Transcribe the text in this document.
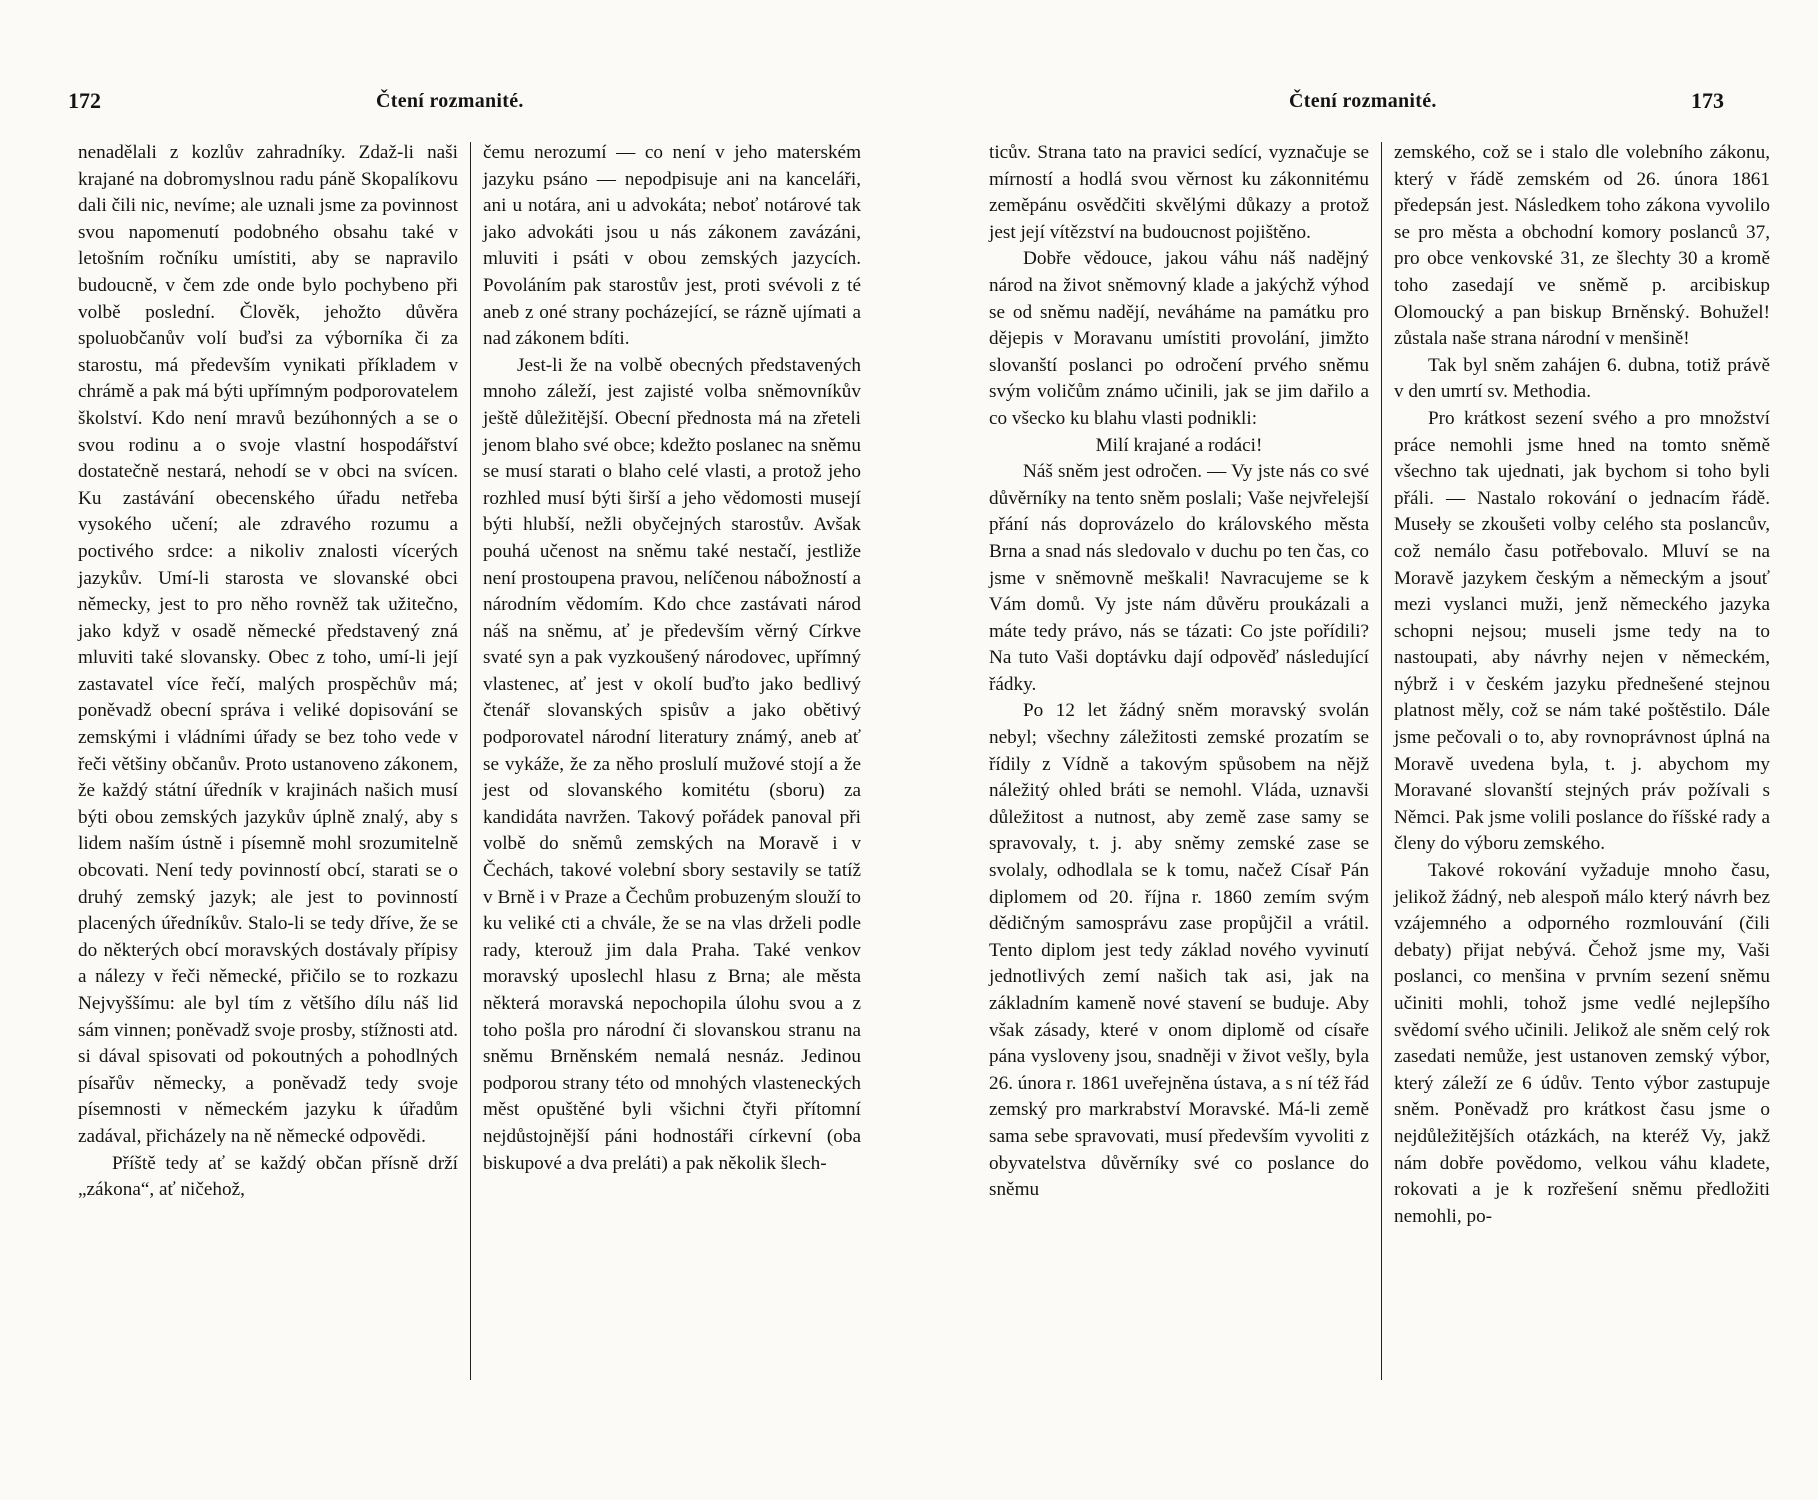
172	Čtení rozmanité.

nenadělali z kozlův zahradníky. Zdaž-li naši krajané na dobromyslnou radu páně Skopalíkovu dali čili nic, nevíme; ale uznali jsme za povinnost svou napomenutí podobného obsahu také v letošním ročníku umístiti, aby se napravilo budoucně, v čem zde onde bylo pochybeno při volbě poslední. Člověk, jehožto důvěra spoluobčanův volí buďsi za výborníka či za starostu, má především vynikati příkladem v chrámě a pak má býti upřímným podporovatelem školství. Kdo není mravů bezúhonných a se o svou rodinu a o svoje vlastní hospodářství dostatečně nestará, nehodí se v obci na svícen. Ku zastávání obecenského úřadu netřeba vysokého učení; ale zdravého rozumu a poctivého srdce: a nikoliv znalosti vícerých jazykův. Umí-li starosta ve slovanské obci německy, jest to pro něho rovněž tak užitečno, jako když v osadě německé představený zná mluviti také slovansky. Obec z toho, umí-li její zastavatel více řečí, malých prospěchův má; poněvadž obecní správa i veliké dopisování se zemskými i vládními úřady se bez toho vede v řeči většiny občanův. Proto ustanoveno zákonem, že každý státní úředník v krajinách našich musí býti obou zemských jazykův úplně znalý, aby s lidem naším ústně i písemně mohl srozumitelně obcovati. Není tedy povinností obcí, starati se o druhý zemský jazyk; ale jest to povinností placených úředníkův. Stalo-li se tedy dříve, že se do některých obcí moravských dostávaly přípisy a nálezy v řeči německé, přičilo se to rozkazu Nejvyššímu: ale byl tím z většího dílu náš lid sám vinnen; poněvadž svoje prosby, stížnosti atd. si dával spisovati od pokoutných a pohodlných písařův německy, a poněvadž tedy svoje písemnosti v německém jazyku k úřadům zadával, přicházely na ně německé odpovědi.

Příště tedy ať se každý občan přísně drží „zákona“, ať ničehož,

čemu nerozumí — co není v jeho materském jazyku psáno — nepodpisuje ani na kanceláři, ani u notára, ani u advokáta; neboť notárové tak jako advokáti jsou u nás zákonem zavázáni, mluviti i psáti v obou zemských jazycích. Povoláním pak starostův jest, proti svévoli z té aneb z oné strany pocházející, se rázně ujímati a nad zákonem bdíti.

Jest-li že na volbě obecných představených mnoho záleží, jest zajisté volba sněmovníkův ještě důležitější. Obecní přednosta má na zřeteli jenom blaho své obce; kdežto poslanec na sněmu se musí starati o blaho celé vlasti, a protož jeho rozhled musí býti širší a jeho vědomosti musejí býti hlubší, nežli obyčejných starostův. Avšak pouhá učenost na sněmu také nestačí, jestliže není prostoupena pravou, nelíčenou nábožností a národním vědomím. Kdo chce zastávati národ náš na sněmu, ať je především věrný Církve svaté syn a pak vyzkoušený národovec, upřímný vlastenec, ať jest v okolí buďto jako bedlivý čtenář slovanských spisův a jako obětivý podporovatel národní literatury známý, aneb ať se vykáže, že za něho proslulí mužové stojí a že jest od slovanského komitétu (sboru) za kandidáta navržen. Takový pořádek panoval při volbě do sněmů zemských na Moravě i v Čechách, takové volební sbory sestavily se tatíž v Brně i v Praze a Čechům probuzeným slouží to ku veliké cti a chvále, že se na vlas drželi podle rady, kterouž jim dala Praha. Také venkov moravský uposlechl hlasu z Brna; ale města některá moravská nepochopila úlohu svou a z toho pošla pro národní či slovanskou stranu na sněmu Brněnském nemalá nesnáz. Jedinou podporou strany této od mnohých vlasteneckých měst opuštěné byli všichni čtyři přítomní nejdůstojnější páni hodnostáři církevní (oba biskupové a dva preláti) a pak několik šlech-

Čtení rozmanité.	173

ticův. Strana tato na pravici sedící, vyznačuje se mírností a hodlá svou věrnost ku zákonnitému zeměpánu osvědčiti skvělými důkazy a protož jest její vítězství na budoucnost pojištěno.

Dobře vědouce, jakou váhu náš nadějný národ na život sněmovný klade a jakýchž výhod se od sněmu nadějí, neváháme na památku pro dějepis v Moravanu umístiti provolání, jimžto slovanští poslanci po odročení prvého sněmu svým voličům známo učinili, jak se jim dařilo a co všecko ku blahu vlasti podnikli:

Milí krajané a rodáci!

Náš sněm jest odročen. — Vy jste nás co své důvěrníky na tento sněm poslali; Vaše nejvřelejší přání nás doprovázelo do královského města Brna a snad nás sledovalo v duchu po ten čas, co jsme v sněmovně meškali! Navracujeme se k Vám domů. Vy jste nám důvěru proukázali a máte tedy právo, nás se tázati: Co jste pořídili? Na tuto Vaši doptávku dají odpověď následující řádky.

Po 12 let žádný sněm moravský svolán nebyl; všechny záležitosti zemské prozatím se řídily z Vídně a takovým spůsobem na nějž náležitý ohled bráti se nemohl. Vláda, uznavši důležitost a nutnost, aby země zase samy se spravovaly, t. j. aby sněmy zemské zase se svolaly, odhodlala se k tomu, načež Císař Pán diplomem od 20. října r. 1860 zemím svým dědičným samosprávu zase propůjčil a vrátil. Tento diplom jest tedy základ nového vyvinutí jednotlivých zemí našich tak asi, jak na základním kameně nové stavení se buduje. Aby však zásady, které v onom diplomě od císaře pána vysloveny jsou, snadněji v život vešly, byla 26. února r. 1861 uveřejněna ústava, a s ní též řád zemský pro markrabství Moravské. Má-li země sama sebe spravovati, musí především vyvoliti z obyvatelstva důvěrníky své co poslance do sněmu

zemského, což se i stalo dle volebního zákonu, který v řádě zemském od 26. února 1861 předepsán jest. Následkem toho zákona vyvolilo se pro města a obchodní komory poslanců 37, pro obce venkovské 31, ze šlechty 30 a kromě toho zasedají ve sněmě p. arcibiskup Olomoucký a pan biskup Brněnský. Bohužel! zůstala naše strana národní v menšině!

Tak byl sněm zahájen 6. dubna, totiž právě v den umrtí sv. Methodia.

Pro krátkost sezení svého a pro množství práce nemohli jsme hned na tomto sněmě všechno tak ujednati, jak bychom si toho byli přáli. — Nastalo rokování o jednacím řádě. Museły se zkoušeti volby celého sta poslancův, což nemálo času potřebovalo. Mluví se na Moravě jazykem českým a německým a jsouť mezi vyslanci muži, jenž německého jazyka schopni nejsou; museli jsme tedy na to nastoupati, aby návrhy nejen v německém, nýbrž i v českém jazyku přednešené stejnou platnost měly, což se nám také poštěstilo. Dále jsme pečovali o to, aby rovnoprávnost úplná na Moravě uvedena byla, t. j. abychom my Moravané slovanští stejných práv požívali s Němci. Pak jsme volili poslance do říšské rady a členy do výboru zemského.

Takové rokování vyžaduje mnoho času, jelikož žádný, neb alespoň málo který návrh bez vzájemného a odporného rozmlouvání (čili debaty) přijat nebývá. Čehož jsme my, Vaši poslanci, co menšina v prvním sezení sněmu učiniti mohli, tohož jsme vedlé nejlepšího svědomí svého učinili. Jelikož ale sněm celý rok zasedati nemůže, jest ustanoven zemský výbor, který záleží ze 6 údův. Tento výbor zastupuje sněm. Poněvadž pro krátkost času jsme o nejdůležitějších otázkách, na kteréž Vy, jakž nám dobře povědomo, velkou váhu kladete, rokovati a je k rozřešení sněmu předložiti nemohli, po-
